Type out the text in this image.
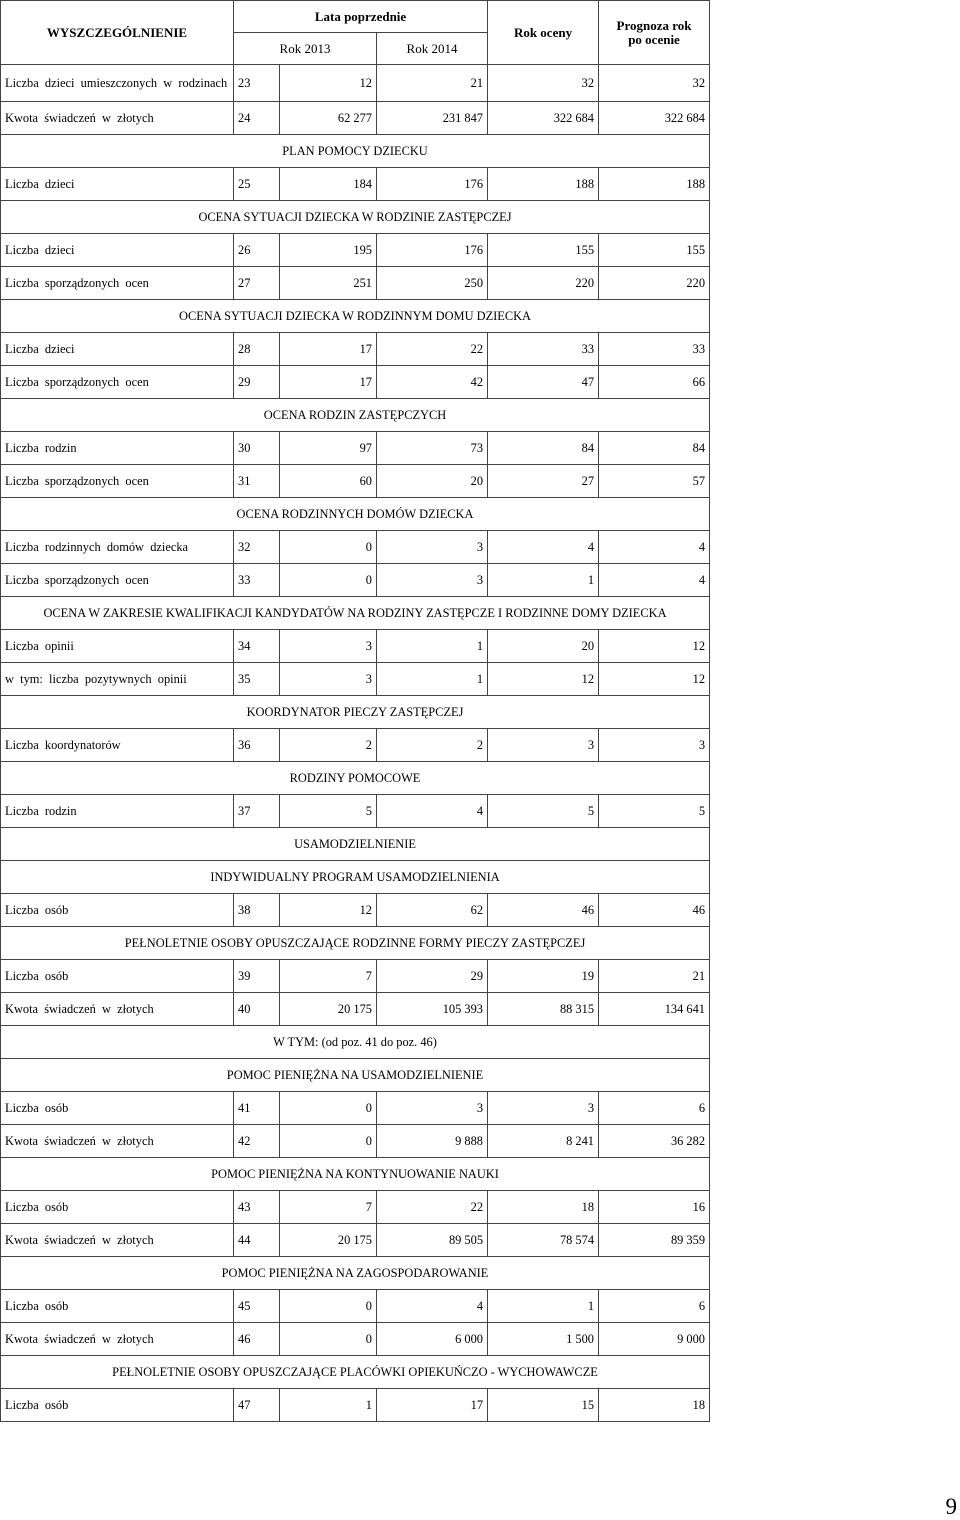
WYSZCZEGÓLNIENIE	Lata poprzednie			Rok oceny	Prognoza rok
po ocenie

	Rok 2013		Rok 2014		
Liczba  dzieci  umieszczonych  w  rodzinach	23	12	21	32	32
Kwota  świadczeń  w  złotych	24	62 277	231 847	322 684	322 684
PLAN POMOCY DZIECKU					
Liczba  dzieci	25	184	176	188	188
OCENA SYTUACJI DZIECKA W RODZINIE ZASTĘPCZEJ					
Liczba  dzieci	26	195	176	155	155
Liczba  sporządzonych  ocen	27	251	250	220	220
OCENA SYTUACJI DZIECKA W RODZINNYM DOMU DZIECKA					
Liczba  dzieci	28	17	22	33	33
Liczba  sporządzonych  ocen	29	17	42	47	66
OCENA RODZIN ZASTĘPCZYCH					
Liczba  rodzin	30	97	73	84	84
Liczba  sporządzonych  ocen	31	60	20	27	57
OCENA RODZINNYCH DOMÓW DZIECKA					
Liczba  rodzinnych  domów  dziecka	32	0	3	4	4
Liczba  sporządzonych  ocen	33	0	3	1	4
OCENA W ZAKRESIE KWALIFIKACJI KANDYDATÓW NA RODZINY ZASTĘPCZE I RODZINNE DOMY DZIECKA					
Liczba  opinii	34	3	1	20	12
w  tym:  liczba  pozytywnych  opinii	35	3	1	12	12
KOORDYNATOR PIECZY ZASTĘPCZEJ					
Liczba  koordynatorów	36	2	2	3	3
RODZINY POMOCOWE					
Liczba  rodzin	37	5	4	5	5
USAMODZIELNIENIE					
INDYWIDUALNY PROGRAM USAMODZIELNIENIA					
Liczba  osób	38	12	62	46	46
PEŁNOLETNIE OSOBY OPUSZCZAJĄCE RODZINNE FORMY PIECZY ZASTĘPCZEJ					
Liczba  osób	39	7	29	19	21
Kwota  świadczeń  w  złotych	40	20 175	105 393	88 315	134 641
W TYM: (od poz. 41 do poz. 46)					
POMOC PIENIĘŻNA NA USAMODZIELNIENIE					
Liczba  osób	41	0	3	3	6
Kwota  świadczeń  w  złotych	42	0	9 888	8 241	36 282
POMOC PIENIĘŻNA NA KONTYNUOWANIE NAUKI					
Liczba  osób	43	7	22	18	16
Kwota  świadczeń  w  złotych	44	20 175	89 505	78 574	89 359
POMOC PIENIĘŻNA NA ZAGOSPODAROWANIE					
Liczba  osób	45	0	4	1	6
Kwota  świadczeń  w  złotych	46	0	6 000	1 500	9 000
PEŁNOLETNIE OSOBY OPUSZCZAJĄCE PLACÓWKI OPIEKUŃCZO - WYCHOWAWCZE					
Liczba  osób	47	1	17	15	18
9
